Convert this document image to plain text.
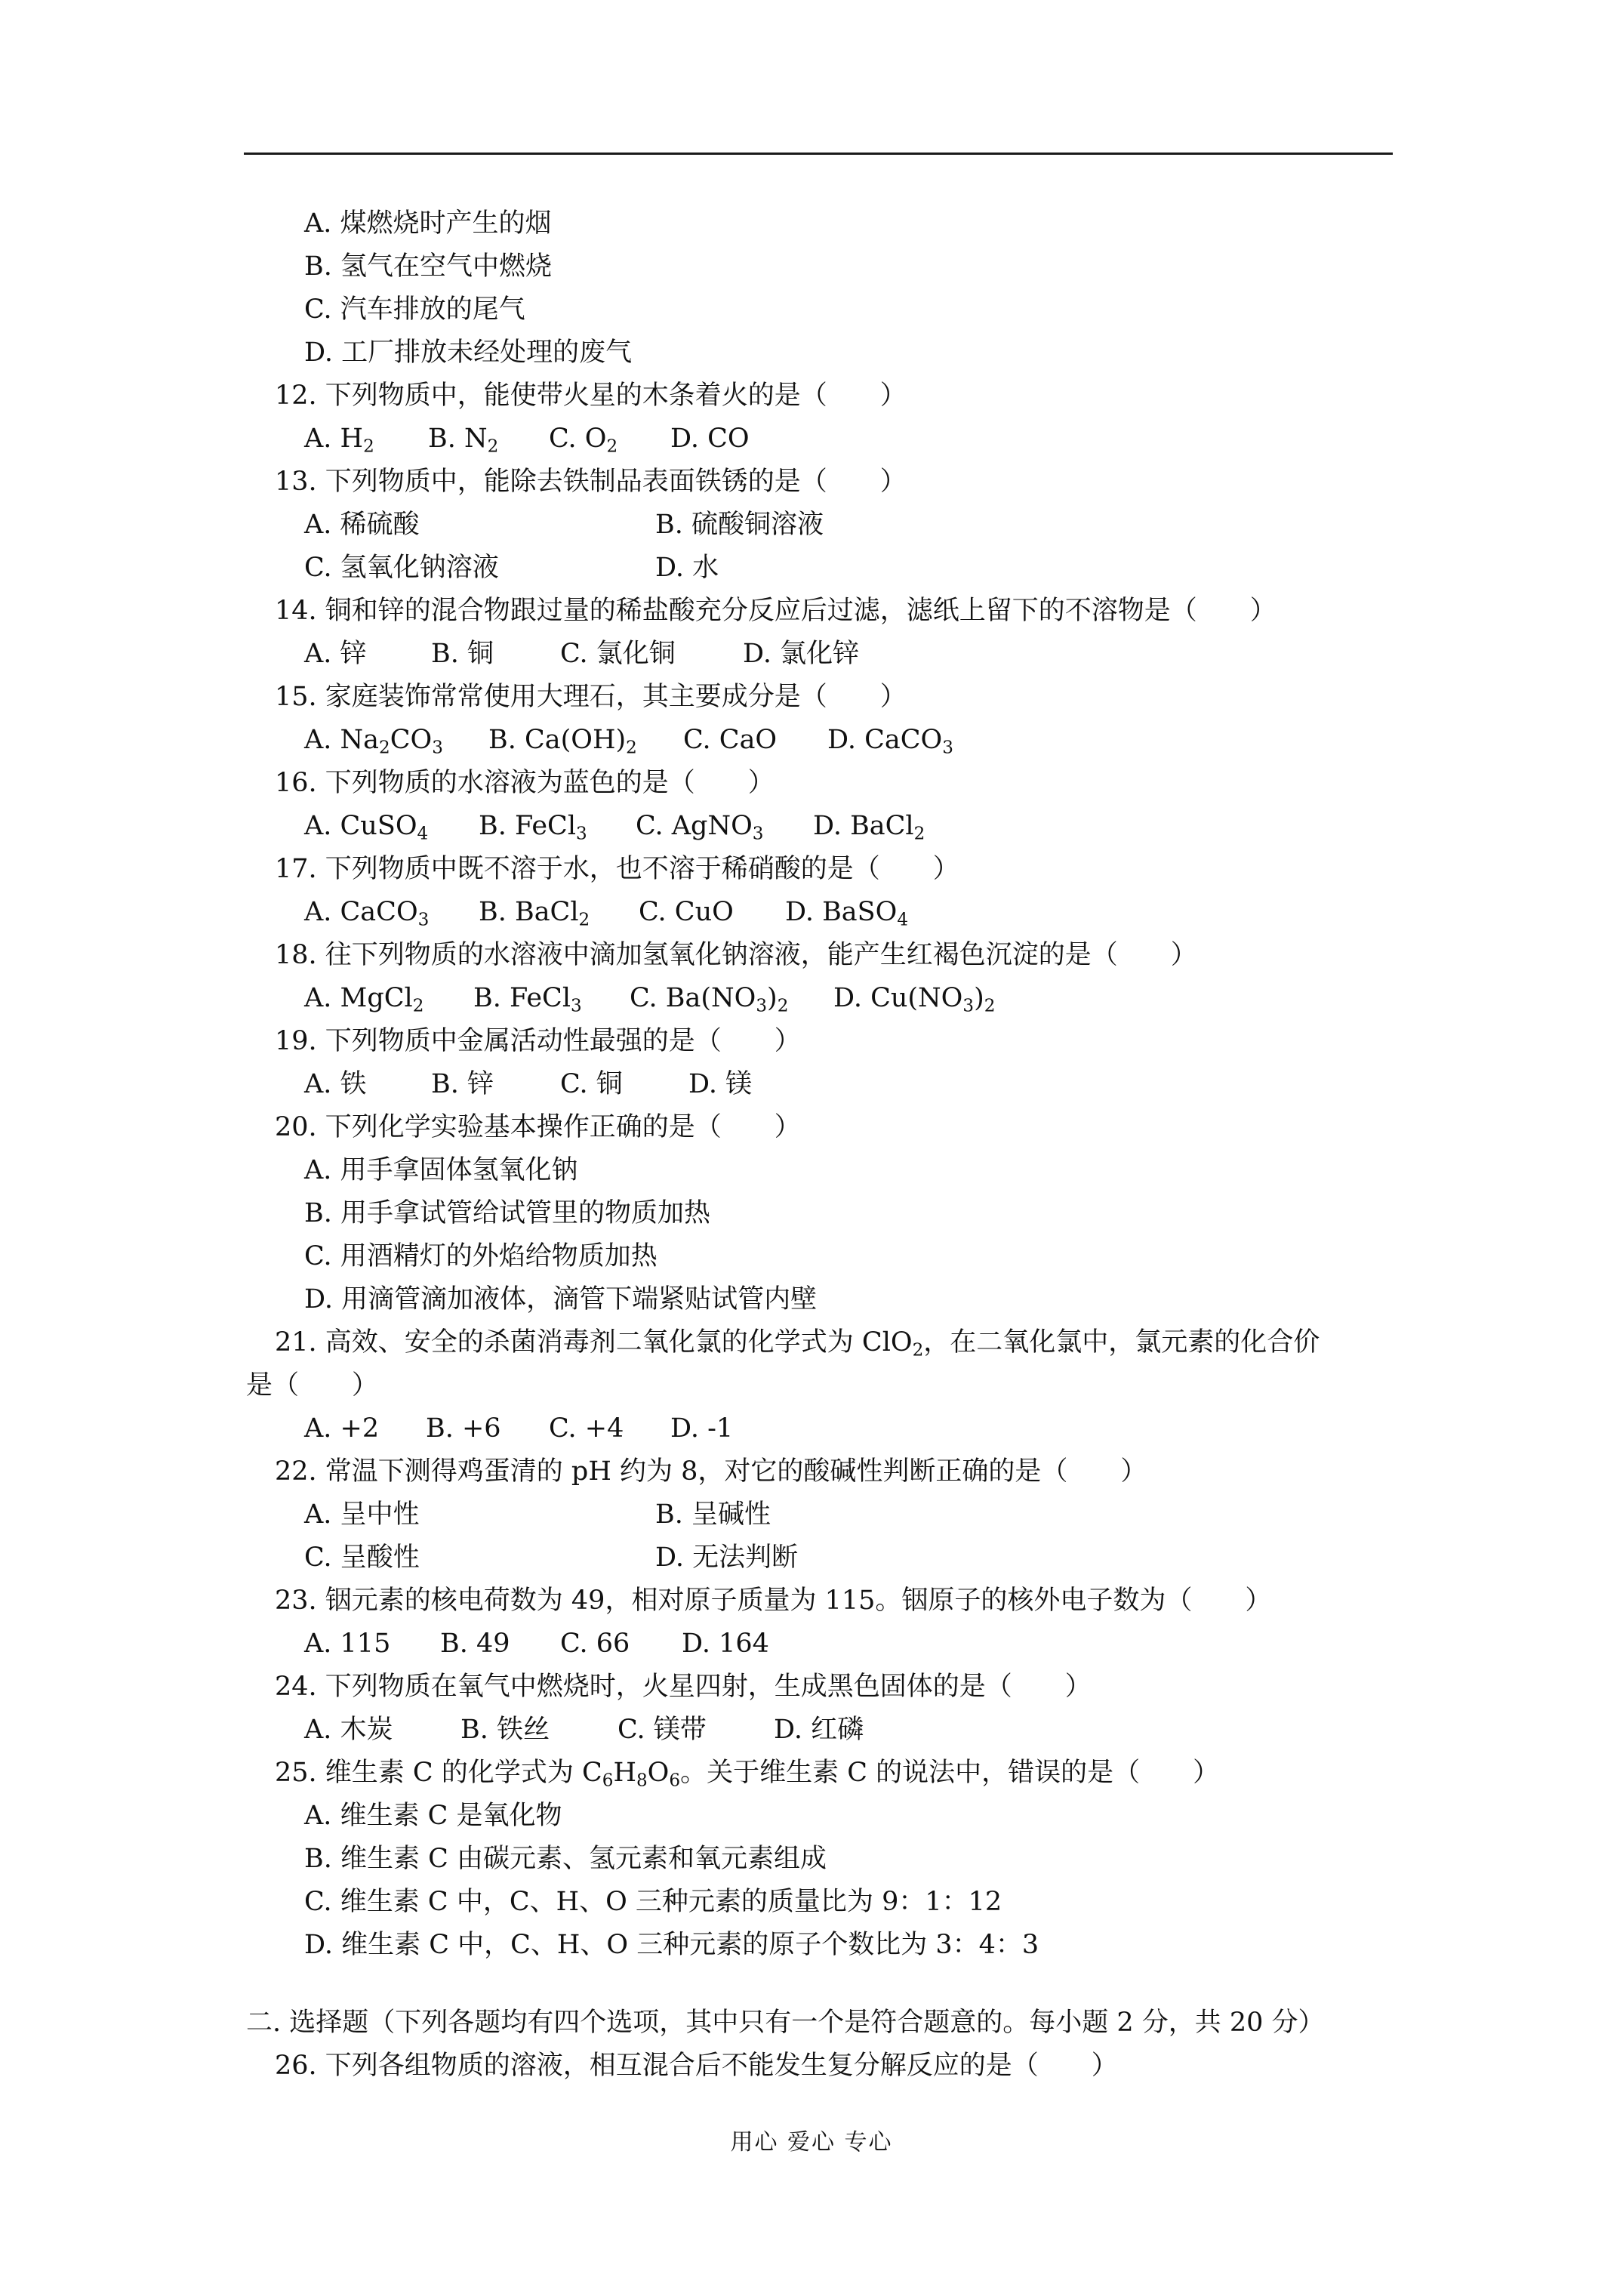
A. 煤燃烧时产生的烟
B. 氢气在空气中燃烧
C. 汽车排放的尾气
D. 工厂排放未经处理的废气
12. 下列物质中，能使带火星的木条着火的是（　　）
A. $H_2$ B. $N_2$ C. $O_2$ D. CO
13. 下列物质中，能除去铁制品表面铁锈的是（　　）
A. 稀硫酸	B. 硫酸铜溶液
C. 氢氧化钠溶液	D. 水
14. 铜和锌的混合物跟过量的稀盐酸充分反应后过滤，滤纸上留下的不溶物是（　　）
A. 锌 B. 铜	C. 氯化铜	D. 氯化锌
15. 家庭装饰常常使用大理石，其主要成分是（　　）
A. $Na_2CO_3$ B. $Ca(OH)_2$ C. CaO D. CaCO$_3$
16. 下列物质的水溶液为蓝色的是（　　）
A. CuSO$_4$ B. FeCl$_3$ C. AgNO$_3$ D. BaCl$_2$
17. 下列物质中既不溶于水，也不溶于稀硝酸的是（　　）
A. CaCO$_3$ B. BaCl$_2$ C. CuO D. BaSO$_4$
18. 往下列物质的水溶液中滴加氢氧化钠溶液，能产生红褐色沉淀的是（　　）
A. MgCl$_2$ B. FeCl$_3$ C. $Ba(NO_3)_2$ D. $Cu(NO_3)_2$
19. 下列物质中金属活动性最强的是（　　）
A. 铁 B. 锌	C. 铜 D. 镁
20. 下列化学实验基本操作正确的是（　　）
A. 用手拿固体氢氧化钠
B. 用手拿试管给试管里的物质加热
C. 用酒精灯的外焰给物质加热
D. 用滴管滴加液体，滴管下端紧贴试管内壁
21. 高效、安全的杀菌消毒剂二氧化氯的化学式为 ClO$_2$，在二氧化氯中，氯元素的化合价
是（　　）
A. +2 B. +6 C. +4 D. -1
22. 常温下测得鸡蛋清的 pH 约为 8，对它的酸碱性判断正确的是（　　）
A. 呈中性	B. 呈碱性
C. 呈酸性	D. 无法判断
23. 铟元素的核电荷数为 49，相对原子质量为 115。铟原子的核外电子数为（　　）
A. 115 B. 49 C. 66 D. 164
24. 下列物质在氧气中燃烧时，火星四射，生成黑色固体的是（　　）
A. 木炭	B. 铁丝	C. 镁带	D. 红磷
25. 维生素 C 的化学式为 $C_6H_8O_6$。关于维生素 C 的说法中，错误的是（　　）
A. 维生素 C 是氧化物
B. 维生素 C 由碳元素、氢元素和氧元素组成
C. 维生素 C 中，C、H、O 三种元素的质量比为 9：1：12
D. 维生素 C 中，C、H、O 三种元素的原子个数比为 3：4：3
二. 选择题（下列各题均有四个选项，其中只有一个是符合题意的。每小题 2 分，共 20 分）
26. 下列各组物质的溶液，相互混合后不能发生复分解反应的是（　　）
用心 爱心 专心
